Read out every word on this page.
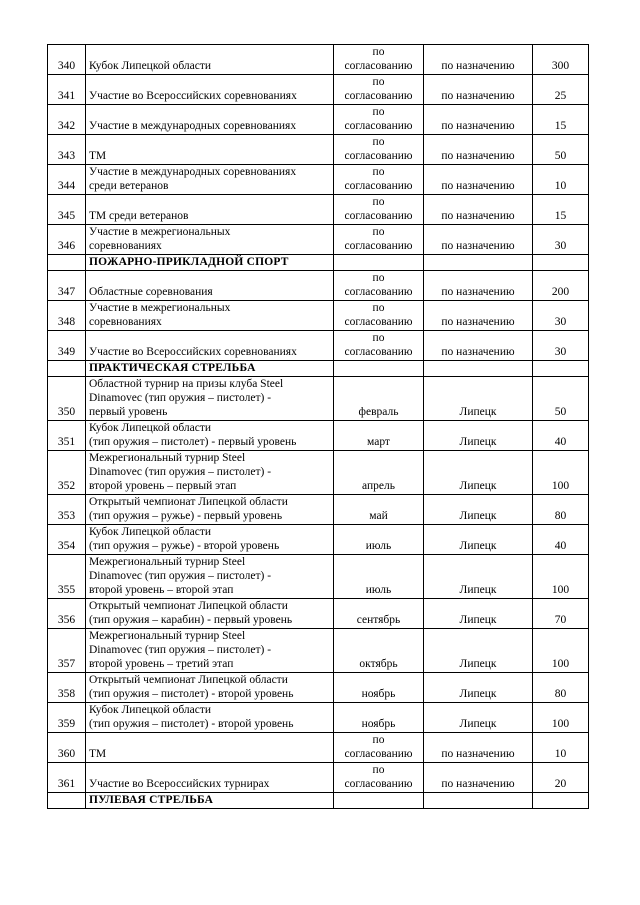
340	Кубок Липецкой области	по
согласованию	по назначению	300
341	Участие во Всероссийских соревнованиях	по
согласованию	по назначению	25
342	Участие в международных соревнованиях	по
согласованию	по назначению	15
343	ТМ	по
согласованию	по назначению	50
344	Участие в международных соревнованиях
среди ветеранов	по
согласованию	по назначению	10
345	ТМ среди ветеранов	по
согласованию	по назначению	15
346	Участие в межрегиональных
соревнованиях	по
согласованию	по назначению	30

	ПОЖАРНО-ПРИКЛАДНОЙ СПОРТ			

347	Областные соревнования	по
согласованию	по назначению	200
348	Участие в межрегиональных
соревнованиях	по
согласованию	по назначению	30
349	Участие во Всероссийских соревнованиях	по
согласованию	по назначению	30

	ПРАКТИЧЕСКАЯ СТРЕЛЬБА			

350	Областной турнир на призы клуба Steel
Dinamovec (тип оружия – пистолет) -
первый уровень	февраль	Липецк	50
351	Кубок Липецкой области
(тип оружия – пистолет) - первый уровень	март	Липецк	40
352	Межрегиональный турнир Steel
Dinamovec (тип оружия – пистолет) -
второй уровень – первый этап	апрель	Липецк	100
353	Открытый чемпионат Липецкой области
(тип оружия – ружье) - первый уровень	май	Липецк	80
354	Кубок Липецкой области
(тип оружия – ружье) - второй уровень	июль	Липецк	40
355	Межрегиональный турнир Steel
Dinamovec (тип оружия – пистолет) -
второй уровень – второй этап	июль	Липецк	100
356	Открытый чемпионат Липецкой области
(тип оружия – карабин) - первый уровень	сентябрь	Липецк	70
357	Межрегиональный турнир Steel
Dinamovec (тип оружия – пистолет) -
второй уровень – третий этап	октябрь	Липецк	100
358	Открытый чемпионат Липецкой области
(тип оружия – пистолет) - второй уровень	ноябрь	Липецк	80
359	Кубок Липецкой области
(тип оружия – пистолет) - второй уровень	ноябрь	Липецк	100
360	ТМ	по
согласованию	по назначению	10
361	Участие во Всероссийских турнирах	по
согласованию	по назначению	20

	ПУЛЕВАЯ СТРЕЛЬБА			
